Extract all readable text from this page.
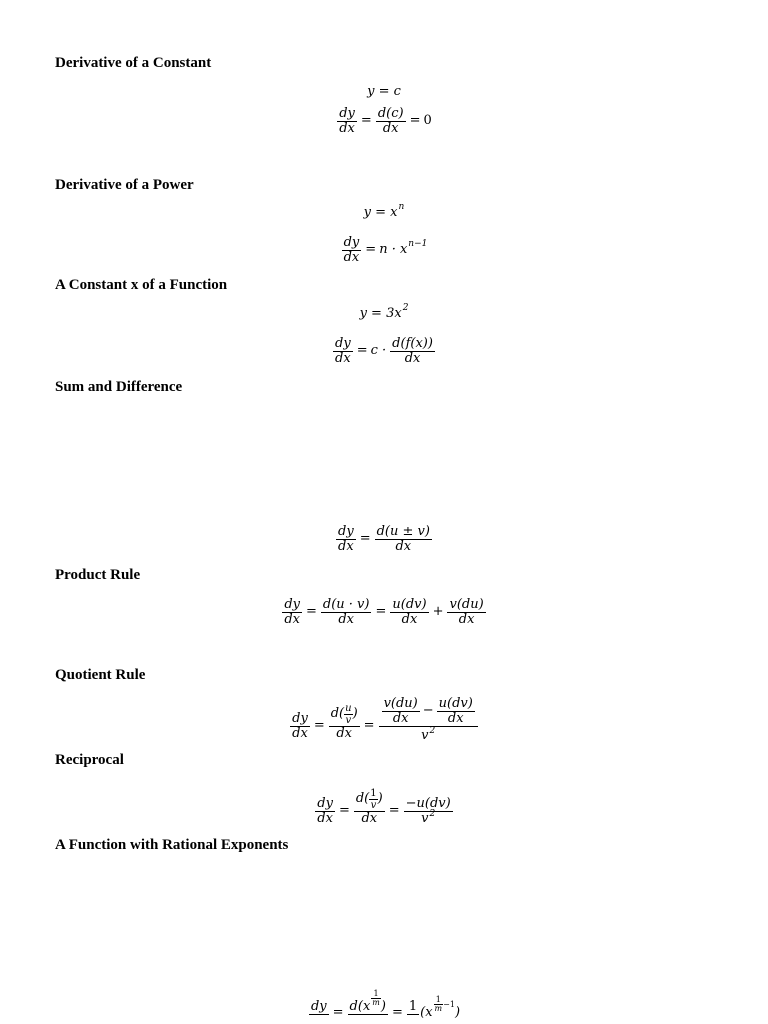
Derivative of a Constant
y = c
$\frac{dy}{dx} = \frac{d(c)}{dx} = 0$
Derivative of a Power
y = x n
$\frac{dy}{dx} = n \cdot x$ n−1
A Constant x of a Function
y = 3x 2
$\frac{dy}{dx} = c \cdot \frac{d(f(x))}{dx}$
Sum and Difference
$\frac{dy}{dx} = \frac{d(u \pm v)}{dx}$
Product Rule
$\frac{dy}{dx} = \frac{d(u \cdot v)}{dx} = \frac{u(dv)}{dx} + \frac{v(du)}{dx}$
Quotient Rule
$\frac{dy}{dx} = \frac{d( \frac{u}{v} )}{dx} = \frac{v(du)}{dx} - \frac{u(dv)}{dx}$
v 2
Reciprocal
$\frac{dy}{dx} = \frac{d( \frac{1}{v} )}{dx} = \frac{-u(dv)}{v 2}$
A Function with Rational Exponents
dy = $d(x \frac{1}{m}$ ) = 1 ($x \frac{1}{m} -1$
)
